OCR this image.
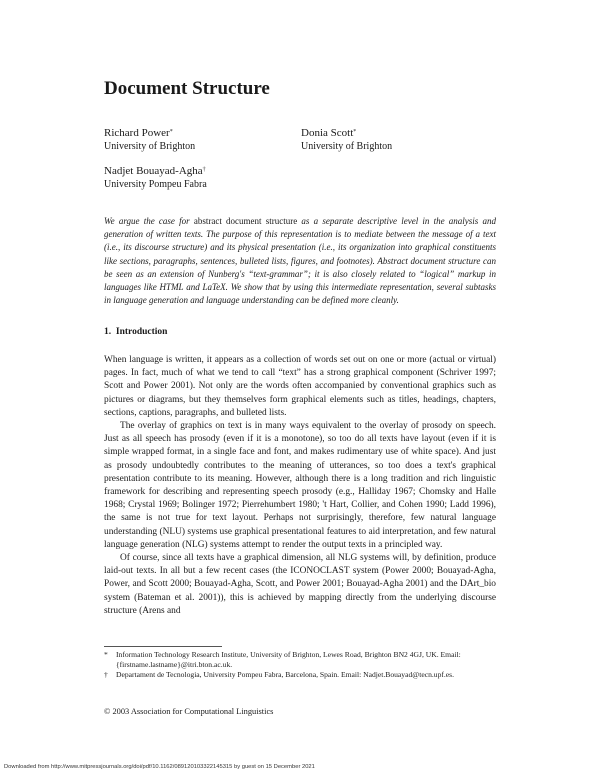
Document Structure
Richard Power*
University of Brighton
Donia Scott*
University of Brighton
Nadjet Bouayad-Agha†
University Pompeu Fabra
We argue the case for abstract document structure as a separate descriptive level in the analysis and generation of written texts. The purpose of this representation is to mediate between the message of a text (i.e., its discourse structure) and its physical presentation (i.e., its organization into graphical constituents like sections, paragraphs, sentences, bulleted lists, figures, and footnotes). Abstract document structure can be seen as an extension of Nunberg's “text-grammar”; it is also closely related to “logical” markup in languages like HTML and LaTeX. We show that by using this intermediate representation, several subtasks in language generation and language understanding can be defined more cleanly.
1. Introduction

When language is written, it appears as a collection of words set out on one or more (actual or virtual) pages. In fact, much of what we tend to call “text” has a strong graphical component (Schriver 1997; Scott and Power 2001). Not only are the words often accompanied by conventional graphics such as pictures or diagrams, but they themselves form graphical elements such as titles, headings, chapters, sections, captions, paragraphs, and bulleted lists.

The overlay of graphics on text is in many ways equivalent to the overlay of prosody on speech. Just as all speech has prosody (even if it is a monotone), so too do all texts have layout (even if it is simple wrapped format, in a single face and font, and makes rudimentary use of white space). And just as prosody undoubtedly contributes to the meaning of utterances, so too does a text's graphical presentation contribute to its meaning. However, although there is a long tradition and rich linguistic framework for describing and representing speech prosody (e.g., Halliday 1967; Chomsky and Halle 1968; Crystal 1969; Bolinger 1972; Pierrehumbert 1980; 't Hart, Collier, and Cohen 1990; Ladd 1996), the same is not true for text layout. Perhaps not surprisingly, therefore, few natural language understanding (NLU) systems use graphical presentational features to aid interpretation, and few natural language generation (NLG) systems attempt to render the output texts in a principled way.

Of course, since all texts have a graphical dimension, all NLG systems will, by definition, produce laid-out texts. In all but a few recent cases (the ICONOCLAST system (Power 2000; Bouayad-Agha, Power, and Scott 2000; Bouayad-Agha, Scott, and Power 2001; Bouayad-Agha 2001) and the DArt_bio system (Bateman et al. 2001)), this is achieved by mapping directly from the underlying discourse structure (Arens and

* Information Technology Research Institute, University of Brighton, Lewes Road, Brighton BN2 4GJ, UK. Email: {firstname.lastname}@itri.bton.ac.uk.
† Departament de Tecnologia, University Pompeu Fabra, Barcelona, Spain. Email: Nadjet.Bouayad@tecn.upf.es.
© 2003 Association for Computational Linguistics
Downloaded from http://www.mitpressjournals.org/doi/pdf/10.1162/089120103322145315 by guest on 15 December 2021
